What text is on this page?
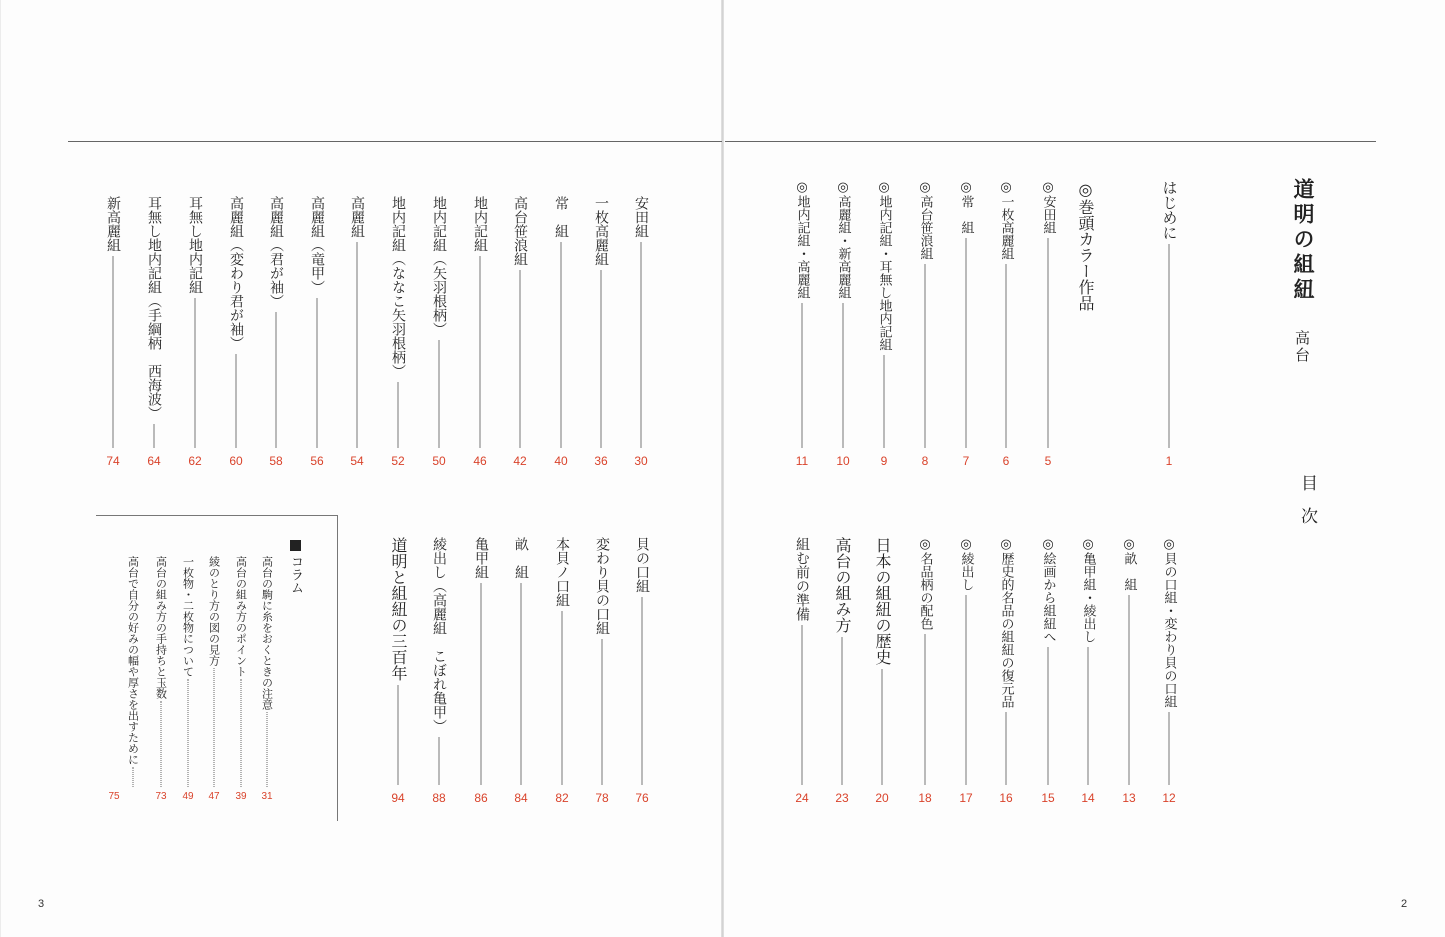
道明の組紐
高台
目次
はじめに
1
◎巻頭カラー作品
◎安田組
5
◎一枚高麗組
6
◎常　組
7
◎高台笹浪組
8
◎地内記組・耳無し地内記組
9
◎高麗組・新高麗組
10
◎地内記組・高麗組
11
◎貝の口組・変わり貝の口組
12
◎畝　組
13
◎亀甲組・綾出し
14
◎絵画から組紐へ
15
◎歴史的名品の組紐の復元品
16
◎綾出し
17
◎名品柄の配色
18
日本の組紐の歴史
20
高台の組み方
23
組む前の準備
24
安田組
30
一枚高麗組
36
常　組
40
高台笹浪組
42
地内記組
46
地内記組（矢羽根柄）
50
地内記組（ななこ矢羽根柄）
52
高麗組
54
高麗組（竜甲）
56
高麗組（君が袖）
58
高麗組（変わり君が袖）
60
耳無し地内記組
62
耳無し地内記組（手綱柄　西海波）
64
新高麗組
74
貝の口組
76
変わり貝の口組
78
本貝ノ口組
82
畝　組
84
亀甲組
86
綾出し（高麗組　こぼれ亀甲）
88
道明と組紐の三百年
94
コラム
高台の駒に糸をおくときの注意
31
高台の組み方のポイント
39
綾のとり方の図の見方
47
一枚物・二枚物について
49
高台の組み方の手持ちと玉数
73
高台で自分の好みの幅や厚さを出すために
75
3	2
